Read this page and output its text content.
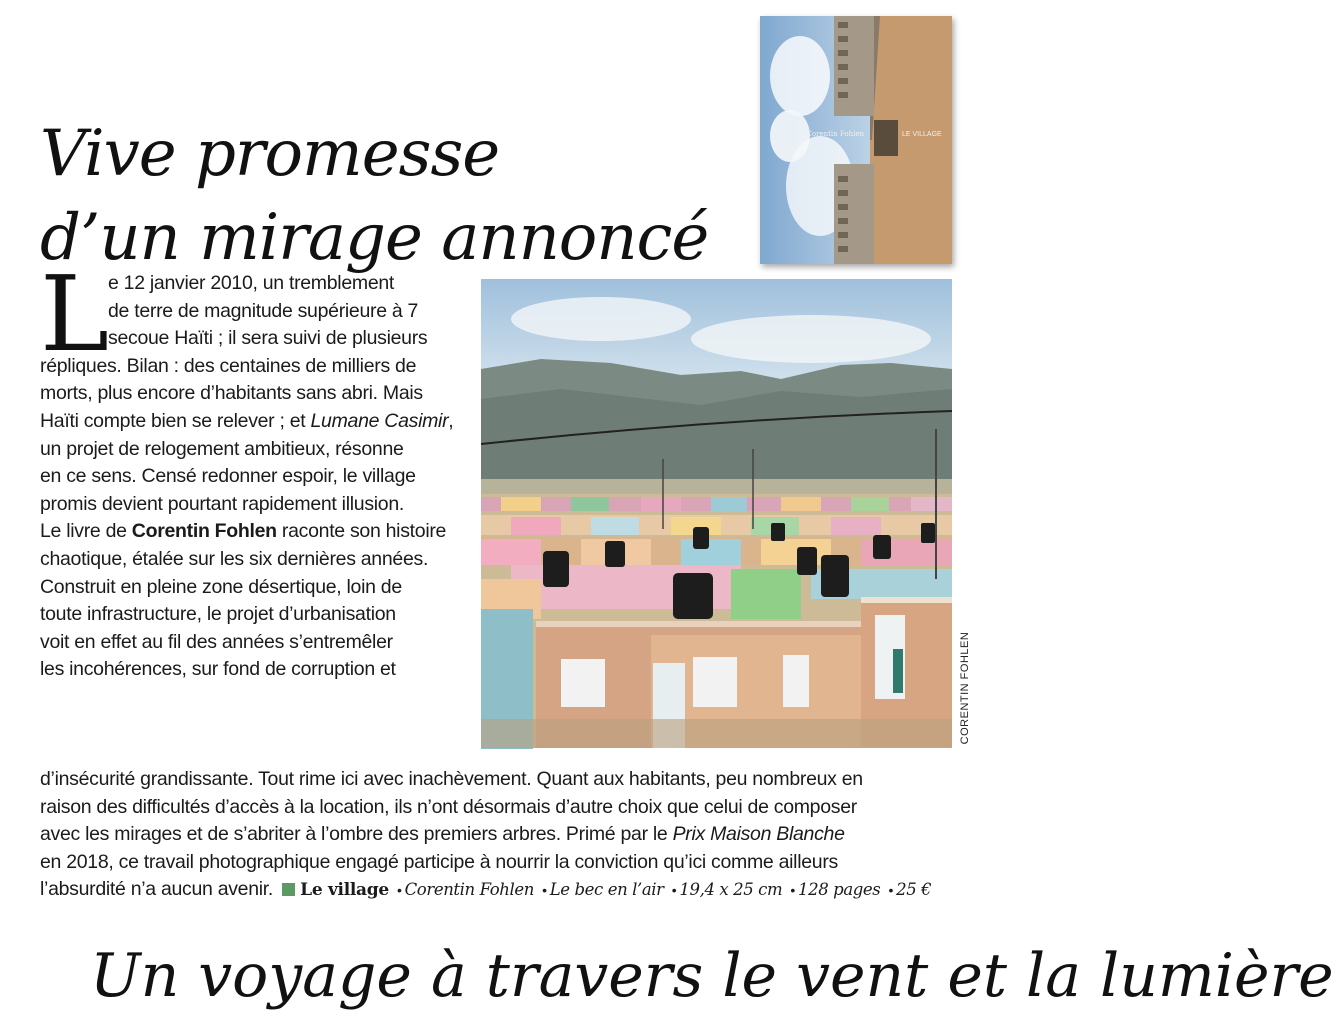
Vive promesse
d’un mirage annoncé
Corentin Fohlen	LE VILLAGE
CORENTIN FOHLEN
L

e 12 janvier 2010, un tremblement

de terre de magnitude supérieure à 7

secoue Haïti ; il sera suivi de plusieurs

répliques. Bilan : des centaines de milliers de

morts, plus encore d’habitants sans abri. Mais

Haïti compte bien se relever ; et Lumane Casimir,

un projet de relogement ambitieux, résonne

en ce sens. Censé redonner espoir, le village

promis devient pourtant rapidement illusion.

Le livre de Corentin Fohlen raconte son histoire

chaotique, étalée sur les six dernières années.

Construit en pleine zone désertique, loin de

toute infrastructure, le projet d’urbanisation

voit en effet au fil des années s’entremêler

les incohérences, sur fond de corruption et

d’insécurité grandissante. Tout rime ici avec inachèvement. Quant aux habitants, peu nombreux en

raison des difficultés d’accès à la location, ils n’ont désormais d’autre choix que celui de composer

avec les mirages et de s’abriter à l’ombre des premiers arbres. Primé par le Prix Maison Blanche

en 2018, ce travail photographique engagé participe à nourrir la conviction qu’ici comme ailleurs

l’absurdité n’a aucun avenir. Le village • Corentin Fohlen • Le bec en l’air • 19,4 x 25 cm • 128 pages • 25 €

Un voyage à travers le vent et la lumière
